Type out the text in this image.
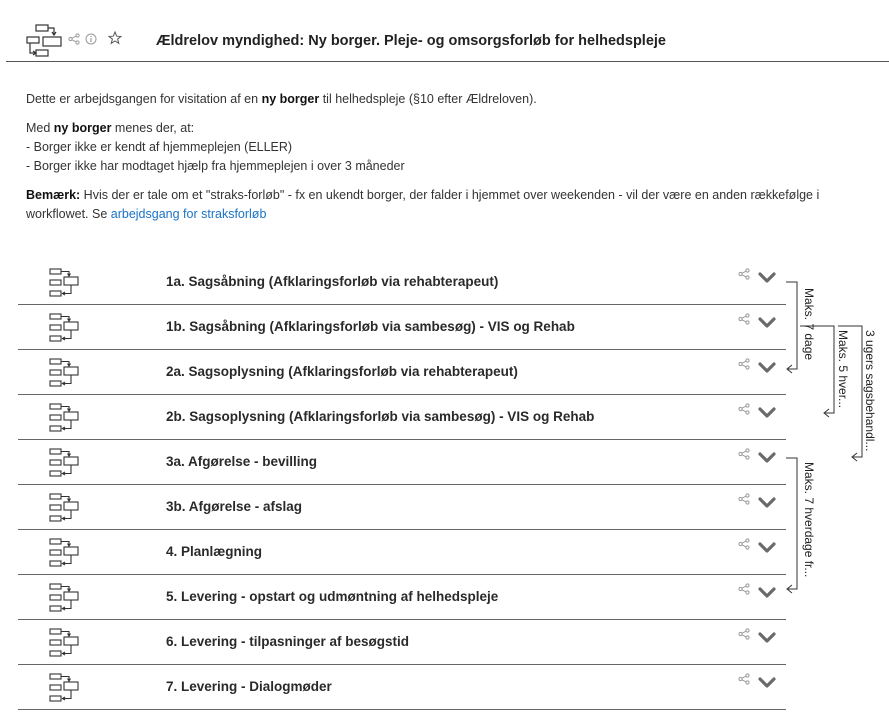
Ældrelov myndighed: Ny borger. Pleje- og omsorgsforløb for helhedspleje

Dette er arbejdsgangen for visitation af en ny borger til helhedspleje (§10 efter Ældreloven).

Med ny borger menes der, at:
- Borger ikke er kendt af hjemmeplejen (ELLER)
- Borger ikke har modtaget hjælp fra hjemmeplejen i over 3 måneder

Bemærk: Hvis der er tale om et "straks-forløb" - fx en ukendt borger, der falder i hjemmet over weekenden - vil der være en anden rækkefølge i workflowet. Se arbejdsgang for straksforløb

1a. Sagsåbning (Afklaringsforløb via rehabterapeut)
1b. Sagsåbning (Afklaringsforløb via sambesøg) - VIS og Rehab
2a. Sagsoplysning (Afklaringsforløb via rehabterapeut)
2b. Sagsoplysning (Afklaringsforløb via sambesøg) - VIS og Rehab
3a. Afgørelse - bevilling
3b. Afgørelse - afslag
4. Planlægning
5. Levering - opstart og udmøntning af helhedspleje
6. Levering - tilpasninger af besøgstid
7. Levering - Dialogmøder
Maks. 7 dage
Maks. 5 hver... 3 ugers sagsbehandl...
Maks. 7 hverdage fr...
